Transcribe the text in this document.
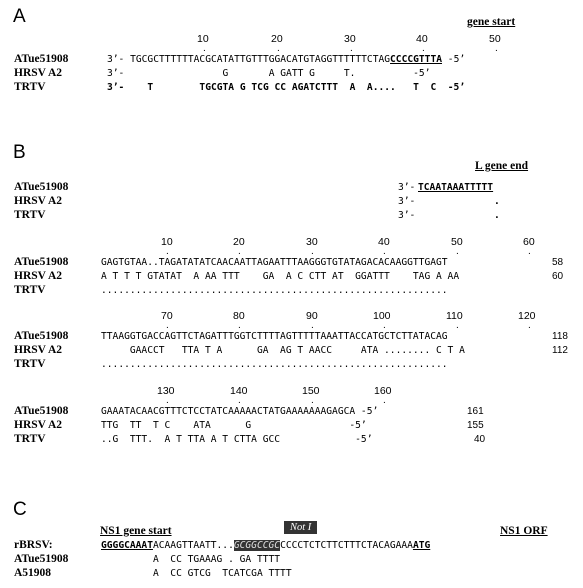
A	gene start
10	20	30	40	50
.	.	.	.	.
ATue51908	3’- TGCGCTTTTTTACGCATATTGTTTGGACATGTAGGTTTTTTCTAGCCCCGTTTA -5’
HRSV A2	3’-                 G       A GATT G     T.          -5’
TRTV	3’-    T        TGCGTA G TCG CC AGATCTTT  A  A....   T  C  -5’
B
L gene end
ATue51908	3’- TCAATAAATTTTT
HRSV A2	3’-	.
TRTV	3’-	.
10	20	30	40	50	60
.	.	.	.	.	.
ATue51908	GAGTGTAA..TAGATATATCAACAATTAGAATTTAAGGGTGTATAGACACAAGGTTGAGT	58
HRSV A2	A T T T GTATAT  A AA TTT    GA  A C CTT AT  GGATTT    TAG A AA	60
TRTV	............................................................
70	80	90	100	110	120
.	.	.	.	.	.
ATue51908	TTAAGGTGACCAGTTCTAGATTTGGTCTTTTAGTTTTTAAATTACCATGCTCTTATACAG	118
HRSV A2	GAACCT   TTA T A      GA  AG T AACC     ATA ........ C T A	112
TRTV	............................................................
130	140	150	160
.	.	.	.
ATue51908	GAAATACAACGTTTCTCCTATCAAAAACTATGAAAAAAAGAGCA -5’	161
HRSV A2	TTG  TT  T C    ATA      G                 -5’	155
TRTV	..G  TTT.  A T TTA A T CTTA GCC             -5’	40
C
NS1 gene start	NS1 ORF
Not I
rBRSV:	GGGGCAAATACAAGTTAATT...GCGGCCGCCCCCTCTCTTCTTTCTACAGAAAATG
ATue51908	A  CC TGAAAG . GA TTTT
A51908	A  CC GTCG  TCATCGA TTTT
